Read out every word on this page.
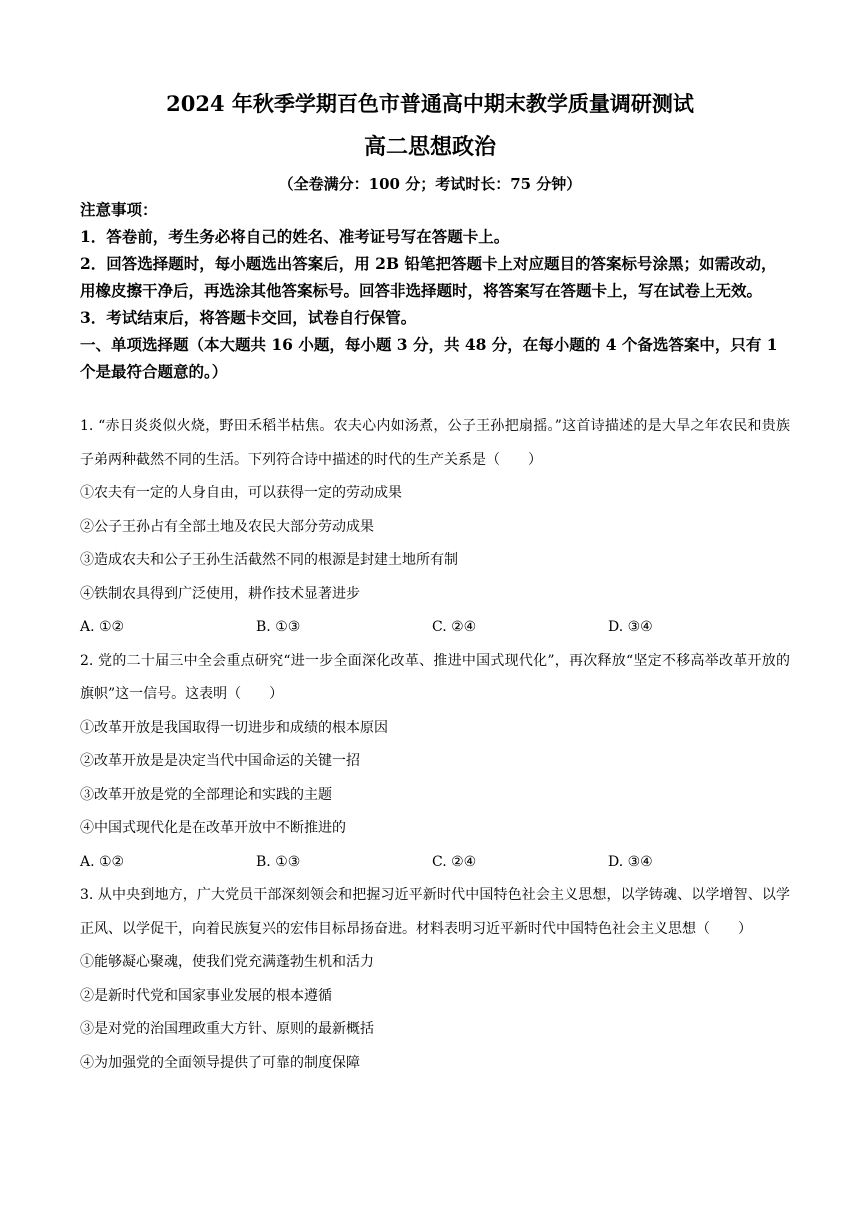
2024 年秋季学期百色市普通高中期末教学质量调研测试
高二思想政治
（全卷满分：100 分；考试时长：75 分钟）

注意事项：

1．答卷前，考生务必将自己的姓名、准考证号写在答题卡上。

2．回答选择题时，每小题选出答案后，用 2B 铅笔把答题卡上对应题目的答案标号涂黑；如需改动，用橡皮擦干净后，再选涂其他答案标号。回答非选择题时，将答案写在答题卡上，写在试卷上无效。

3．考试结束后，将答题卡交回，试卷自行保管。

一、单项选择题（本大题共 16 小题，每小题 3 分，共 48 分，在每小题的 4 个备选答案中，只有 1 个是最符合题意的。）

1. “赤日炎炎似火烧，野田禾稻半枯焦。农夫心内如汤煮，公子王孙把扇摇。”这首诗描述的是大旱之年农民和贵族子弟两种截然不同的生活。下列符合诗中描述的时代的生产关系是（　　）

①农夫有一定的人身自由，可以获得一定的劳动成果

②公子王孙占有全部土地及农民大部分劳动成果

③造成农夫和公子王孙生活截然不同的根源是封建土地所有制

④铁制农具得到广泛使用，耕作技术显著进步

A. ①②	B. ①③	C. ②④	D. ③④

2. 党的二十届三中全会重点研究“进一步全面深化改革、推进中国式现代化”，再次释放“坚定不移高举改革开放的旗帜”这一信号。这表明（　　）

①改革开放是我国取得一切进步和成绩的根本原因

②改革开放是是决定当代中国命运的关键一招

③改革开放是党的全部理论和实践的主题

④中国式现代化是在改革开放中不断推进的

A. ①②	B. ①③	C. ②④	D. ③④

3. 从中央到地方，广大党员干部深刻领会和把握习近平新时代中国特色社会主义思想，以学铸魂、以学增智、以学正风、以学促干，向着民族复兴的宏伟目标昂扬奋进。材料表明习近平新时代中国特色社会主义思想（　　）

①能够凝心聚魂，使我们党充满蓬勃生机和活力

②是新时代党和国家事业发展的根本遵循

③是对党的治国理政重大方针、原则的最新概括

④为加强党的全面领导提供了可靠的制度保障
